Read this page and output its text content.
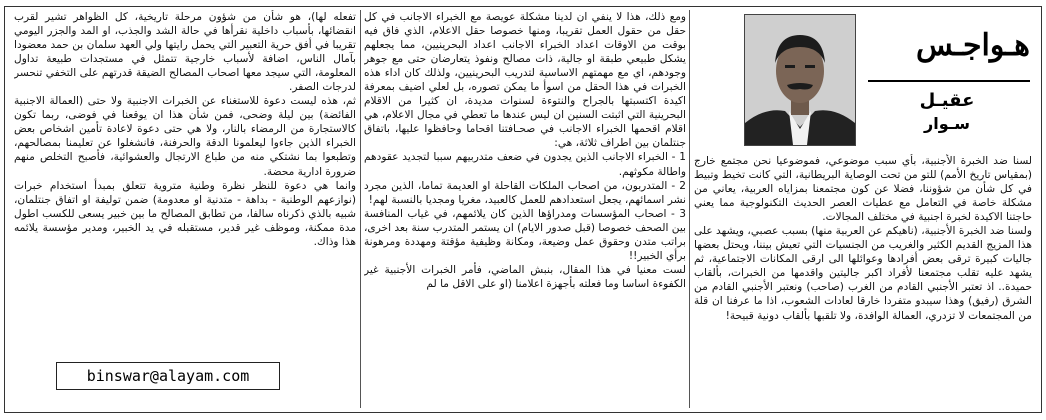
هـواجـس
عقيـل
سـوار

لسنا ضد الخبرة الأجنبية، بأي سبب موضوعي، فموضوعيا نحن مجتمع خارج (بمقياس تاريخ الأمم) للتو من تحت الوصاية البريطانية، التي كانت تخيط وتبيط في كل شأن من شؤوننا، فضلا عن كون مجتمعنا بمزاياه العربية، يعاني من مشكلة خاصة في التعامل مع عطيات العصر الحديث التكنولوجية مما يعني حاجتنا الاكيدة لخبرة اجنبية في مختلف المجالات.

ولسنا ضد الخبرة الأجنبية، (ناهيكم عن العربية منها) بسبب عصبي، ويشهد على هذا المزيج القديم الكثير والغريب من الجنسيات التي تعيش بيننا، ويحتل بعضها جاليات كبيرة ترقى بعض أفرادها وعوائلها الى ارقى المكانات الاجتماعية، ثم يشهد عليه تقلب مجتمعنا لأفراد اكبر جاليتين واقدمها من الخبرات، بألقاب حميدة.. اذ تعتبر الأجنبي القادم من الغرب (صاحب) ونعتبر الأجنبي القادم من الشرق (رفيق) وهذا سيبدو متفردا خارقا لعادات الشعوب، اذا ما عرفنا ان قلة من المجتمعات لا تزدري، العمالة الوافدة، ولا تلقبها بألقاب دونية قبيحة!

ومع ذلك، هذا لا ينفي ان لدينا مشكلة عويصة مع الخبراء الاجانب في كل حقل من حقول العمل تقريبا، ومنها خصوصا حقل الاعلام، الذي فاق فيه بوقت من الاوقات اعداد الخبراء الاجانب اعداد البحرينيين، مما يجعلهم يشكل طبيعي طبقة او جالية، ذات مصالح ونفوذ يتعارضان حتى مع جوهر وجودهم، اي مع مهمتهم الاساسية لتدريب البحرينيين، ولذلك كان اداء هذه الخبرات في هذا الحقل من اسوأ ما يمكن تصوره، بل لعلي اضيف بمعرفة اكيدة اكتسبتها بالجراح والنتوءة لسنوات مديدة، ان كثيرا من الاقلام البحرينية التي اثبتت السنين ان ليس عندها ما تعطي في مجال الاعلام، هي اقلام اقحمها الخبراء الاجانب في صحـافتنا اقحاما وحافظوا عليها، باتفاق جنتلمان بين اطراف ثلاثة، هي:

1 - الخبراء الاجانب الذين يجدون في ضعف متدربيهم سببا لتجديد عقودهم واطالة مكوثهم.

2 - المتدربون، من اصحاب الملكات القاحلة او العديمة تماما، الذين مجرد نشر اسمائهم، يجعل استعدادهم للعمل كالعبيد، مغريا ومجديا بالنسبة لهم!

3 - اصحاب المؤسسات ومدراؤها الذين كان يلائمهم، في غياب المنافسة بين الصحف خصوصا (قبل صدور الايام) ان يستمر المتدرب سنة بعد اخرى، براتب متدن وحقوق عمل وضيعة، ومكانة وظيفية مؤقتة ومهددة ومرهونة برأي الخبير!!

لست معنيا في هذا المقال، بنبش الماضي، فأمر الخبرات الأجنبية غير الكفوءة اساسا وما فعلته بأجهزة اعلامنا (او على الاقل ما لم

تفعله لها)، هو شأن من شؤون مرحلة تاريخية، كل الظواهر تشير لقرب انقضائها، بأسباب داخلية نقرأها في حالة الشد والجذب، او المد والجزر اليومي تقريبا في أفق حرية التعبير التي يحمل رايتها ولي العهد سلمان بن حمد معضودا بآمال الناس، اضافة لأسباب خارجية تتمثل في مستجدات طبيعة تداول المعلومة، التي سيجد معها اصحاب المصالح الضيقة قدرتهم على التخفي تنحسر لدرجات الصفر.

ثم، هذه ليست دعوة للاستغناء عن الخبرات الاجنبية ولا حتى (العمالة الاجنبية الفائضة) بين ليلة وضحى، فمن شأن هذا ان يوقعنا في فوضى، ربما تكون كالاستجارة من الرمضاء بالنار، ولا هي حتى دعوة لاعادة تأمين اشخاص بعض الخبراء الذين جاءوا ليعلمونا الدقة والحرفنة، فانشغلوا عن تعليمنا بمصالحهم، وتطبعوا بما نشتكي منه من طباع الارتجال والعشوائية، فأصبح التخلص منهم ضرورة ادارية محضة.

وانما هي دعوة للنظر نظرة وطنية متروية تتعلق بمبدأ استخدام خبرات (نوازعهم الوطنية - بداهة - متدنية او معدومة) ضمن توليفة او اتفاق جنتلمان، شبيه بالذي ذكرناه سالفا، من تطابق المصالح ما بين خبير يسعى للكسب اطول مدة ممكنة، وموظف غير قدير، مستقبله في يد الخبير، ومدير مؤسسة يلائمه هذا وذاك.

binswar@alayam.com
